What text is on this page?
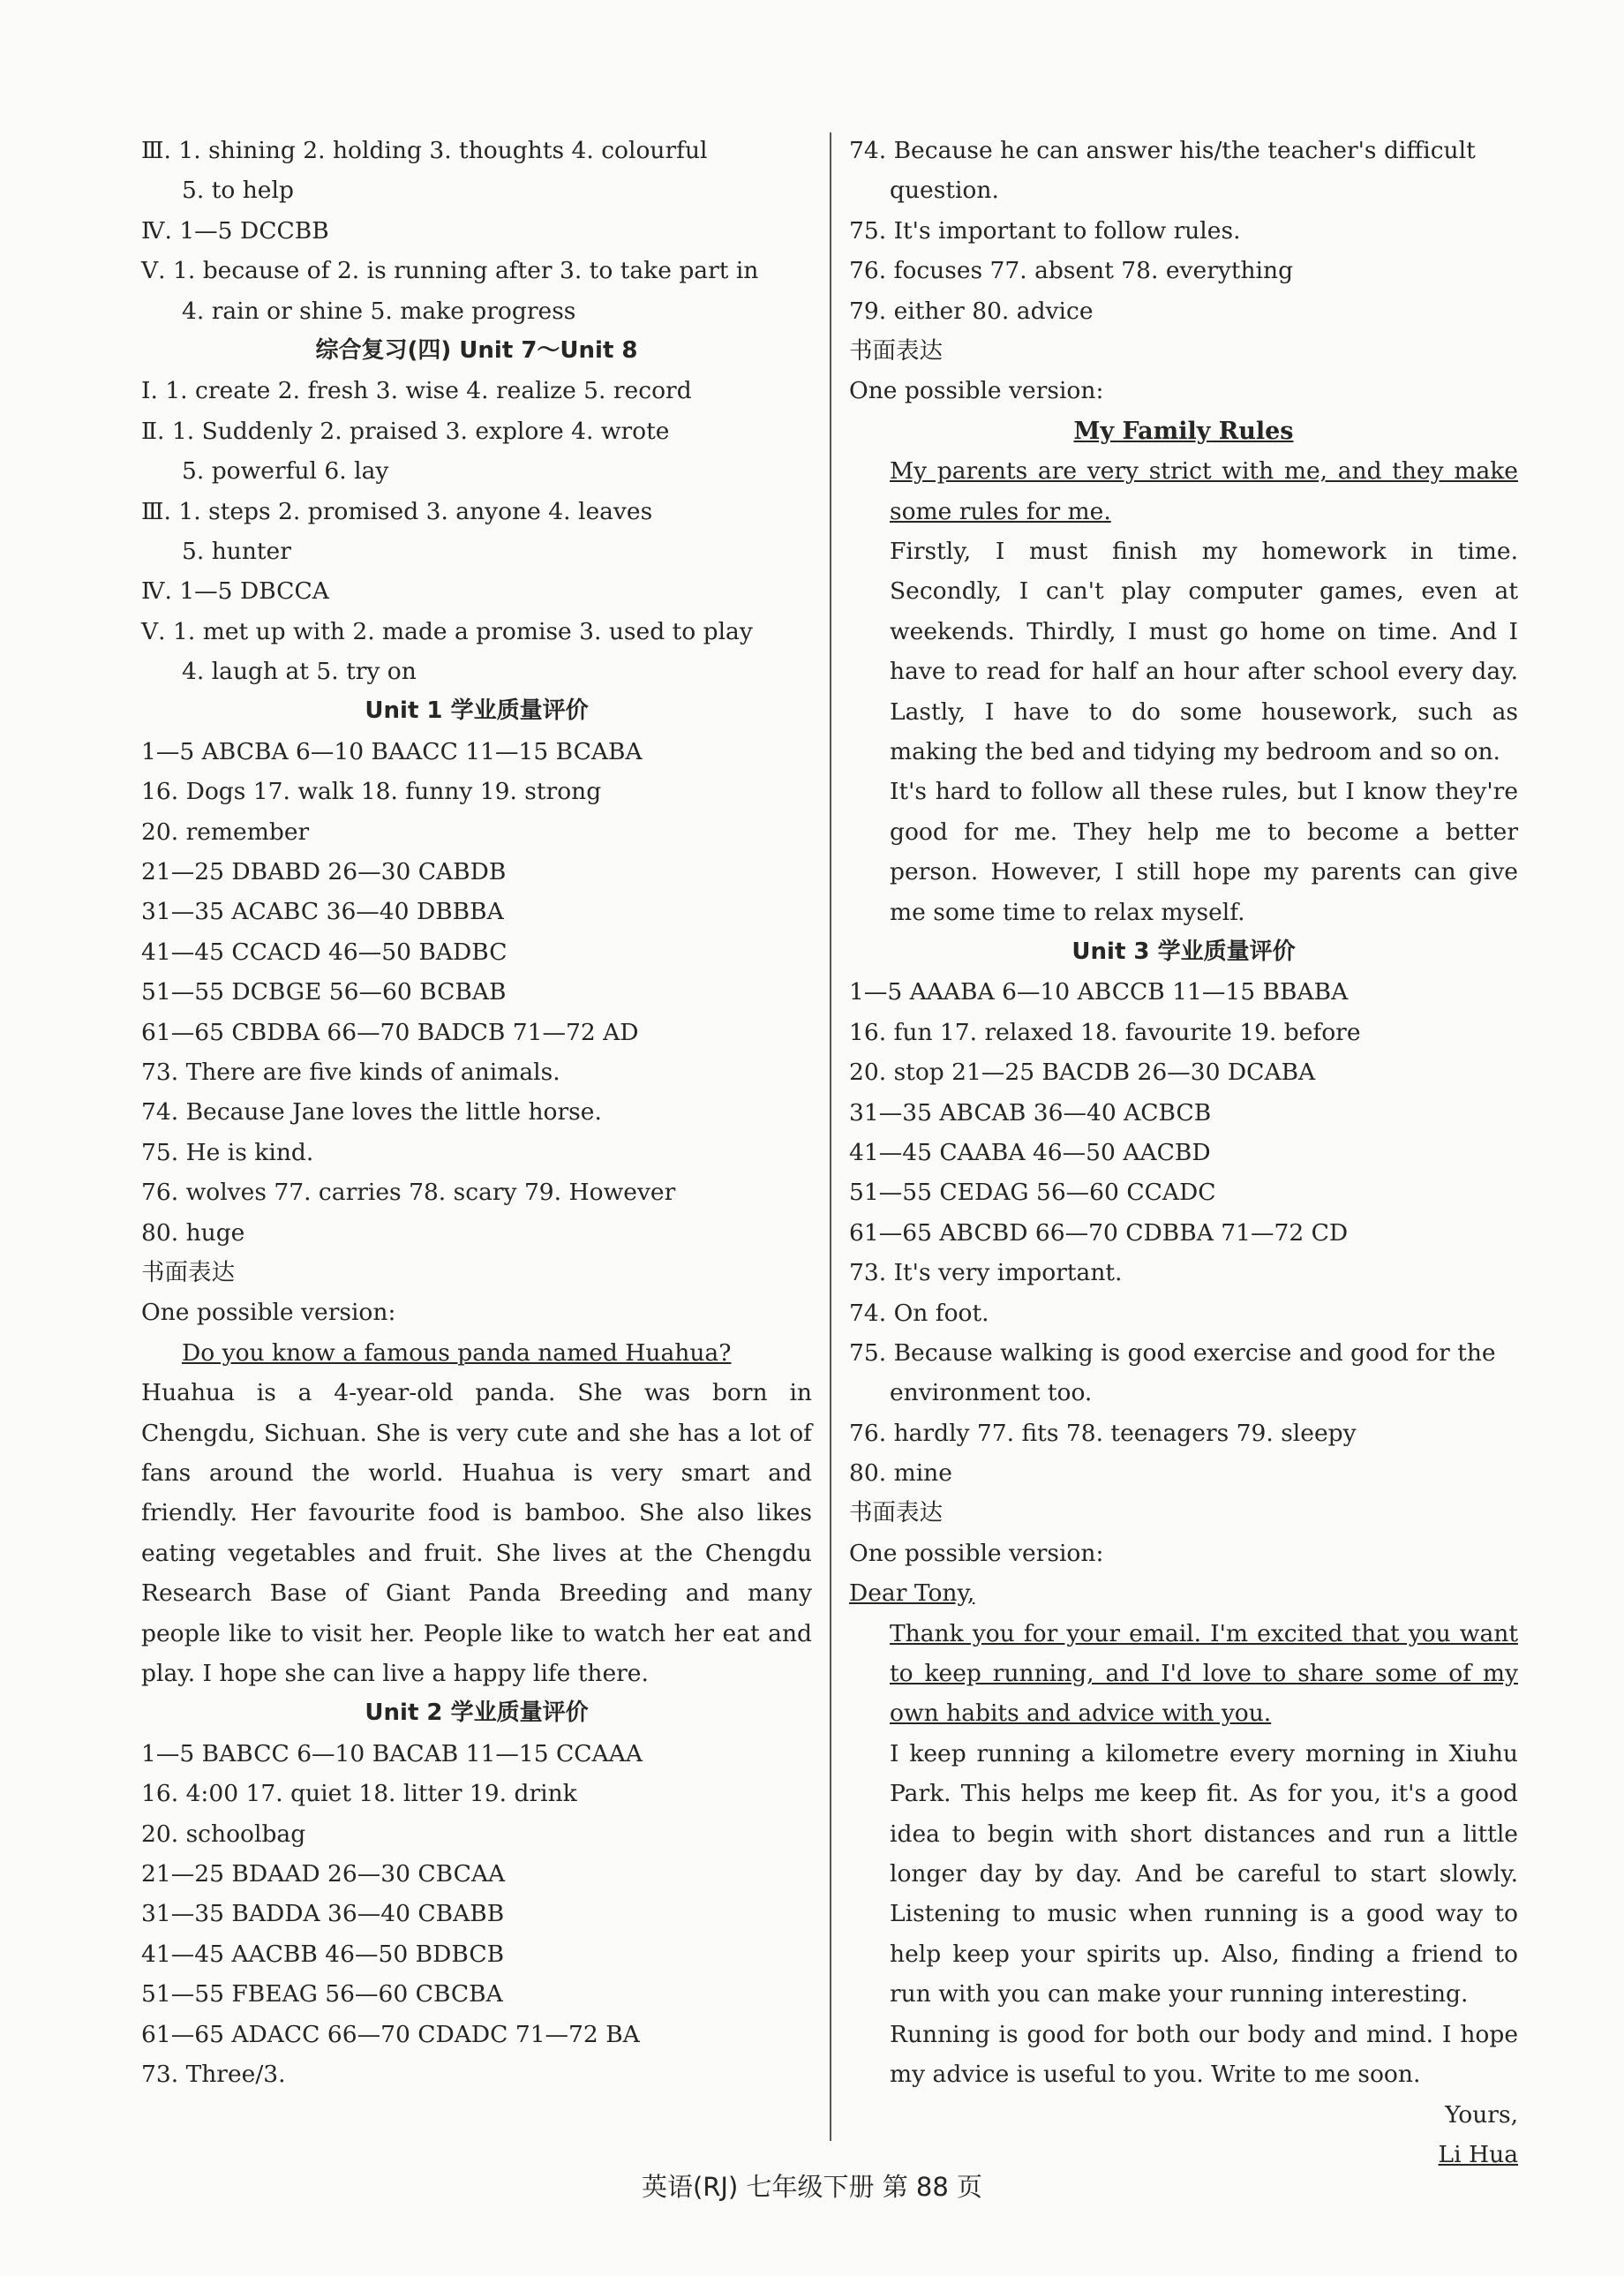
Ⅲ. 1. shining 2. holding 3. thoughts 4. colourful
5. to help
Ⅳ. 1—5 DCCBB
Ⅴ. 1. because of 2. is running after 3. to take part in
4. rain or shine 5. make progress
综合复习(四) Unit 7～Unit 8
Ⅰ. 1. create 2. fresh 3. wise 4. realize 5. record
Ⅱ. 1. Suddenly 2. praised 3. explore 4. wrote
5. powerful 6. lay
Ⅲ. 1. steps 2. promised 3. anyone 4. leaves
5. hunter
Ⅳ. 1—5 DBCCA
Ⅴ. 1. met up with 2. made a promise 3. used to play
4. laugh at 5. try on
Unit 1 学业质量评价
1—5 ABCBA 6—10 BAACC 11—15 BCABA
16. Dogs 17. walk 18. funny 19. strong
20. remember
21—25 DBABD 26—30 CABDB
31—35 ACABC 36—40 DBBBA
41—45 CCACD 46—50 BADBC
51—55 DCBGE 56—60 BCBAB
61—65 CBDBA 66—70 BADCB 71—72 AD
73. There are five kinds of animals.
74. Because Jane loves the little horse.
75. He is kind.
76. wolves 77. carries 78. scary 79. However
80. huge
书面表达
One possible version:
Do you know a famous panda named Huahua?
Huahua is a 4-year-old panda. She was born in Chengdu, Sichuan. She is very cute and she has a lot of fans around the world. Huahua is very smart and friendly. Her favourite food is bamboo. She also likes eating vegetables and fruit. She lives at the Chengdu Research Base of Giant Panda Breeding and many people like to visit her. People like to watch her eat and play. I hope she can live a happy life there.
Unit 2 学业质量评价
1—5 BABCC 6—10 BACAB 11—15 CCAAA
16. 4:00 17. quiet 18. litter 19. drink
20. schoolbag
21—25 BDAAD 26—30 CBCAA
31—35 BADDA 36—40 CBABB
41—45 AACBB 46—50 BDBCB
51—55 FBEAG 56—60 CBCBA
61—65 ADACC 66—70 CDADC 71—72 BA
73. Three/3.
74. Because he can answer his/the teacher's difficult
question.
75. It's important to follow rules.
76. focuses 77. absent 78. everything
79. either 80. advice
书面表达
One possible version:
My Family Rules
My parents are very strict with me, and they make some rules for me.
Firstly, I must finish my homework in time. Secondly, I can't play computer games, even at weekends. Thirdly, I must go home on time. And I have to read for half an hour after school every day. Lastly, I have to do some housework, such as making the bed and tidying my bedroom and so on.
It's hard to follow all these rules, but I know they're good for me. They help me to become a better person. However, I still hope my parents can give me some time to relax myself.
Unit 3 学业质量评价
1—5 AAABA 6—10 ABCCB 11—15 BBABA
16. fun 17. relaxed 18. favourite 19. before
20. stop 21—25 BACDB 26—30 DCABA
31—35 ABCAB 36—40 ACBCB
41—45 CAABA 46—50 AACBD
51—55 CEDAG 56—60 CCADC
61—65 ABCBD 66—70 CDBBA 71—72 CD
73. It's very important.
74. On foot.
75. Because walking is good exercise and good for the
environment too.
76. hardly 77. fits 78. teenagers 79. sleepy
80. mine
书面表达
One possible version:
Dear Tony,
Thank you for your email. I'm excited that you want to keep running, and I'd love to share some of my own habits and advice with you.
I keep running a kilometre every morning in Xiuhu Park. This helps me keep fit. As for you, it's a good idea to begin with short distances and run a little longer day by day. And be careful to start slowly. Listening to music when running is a good way to help keep your spirits up. Also, finding a friend to run with you can make your running interesting.
Running is good for both our body and mind. I hope my advice is useful to you. Write to me soon.
Yours,
Li Hua
英语(RJ) 七年级下册 第 88 页
